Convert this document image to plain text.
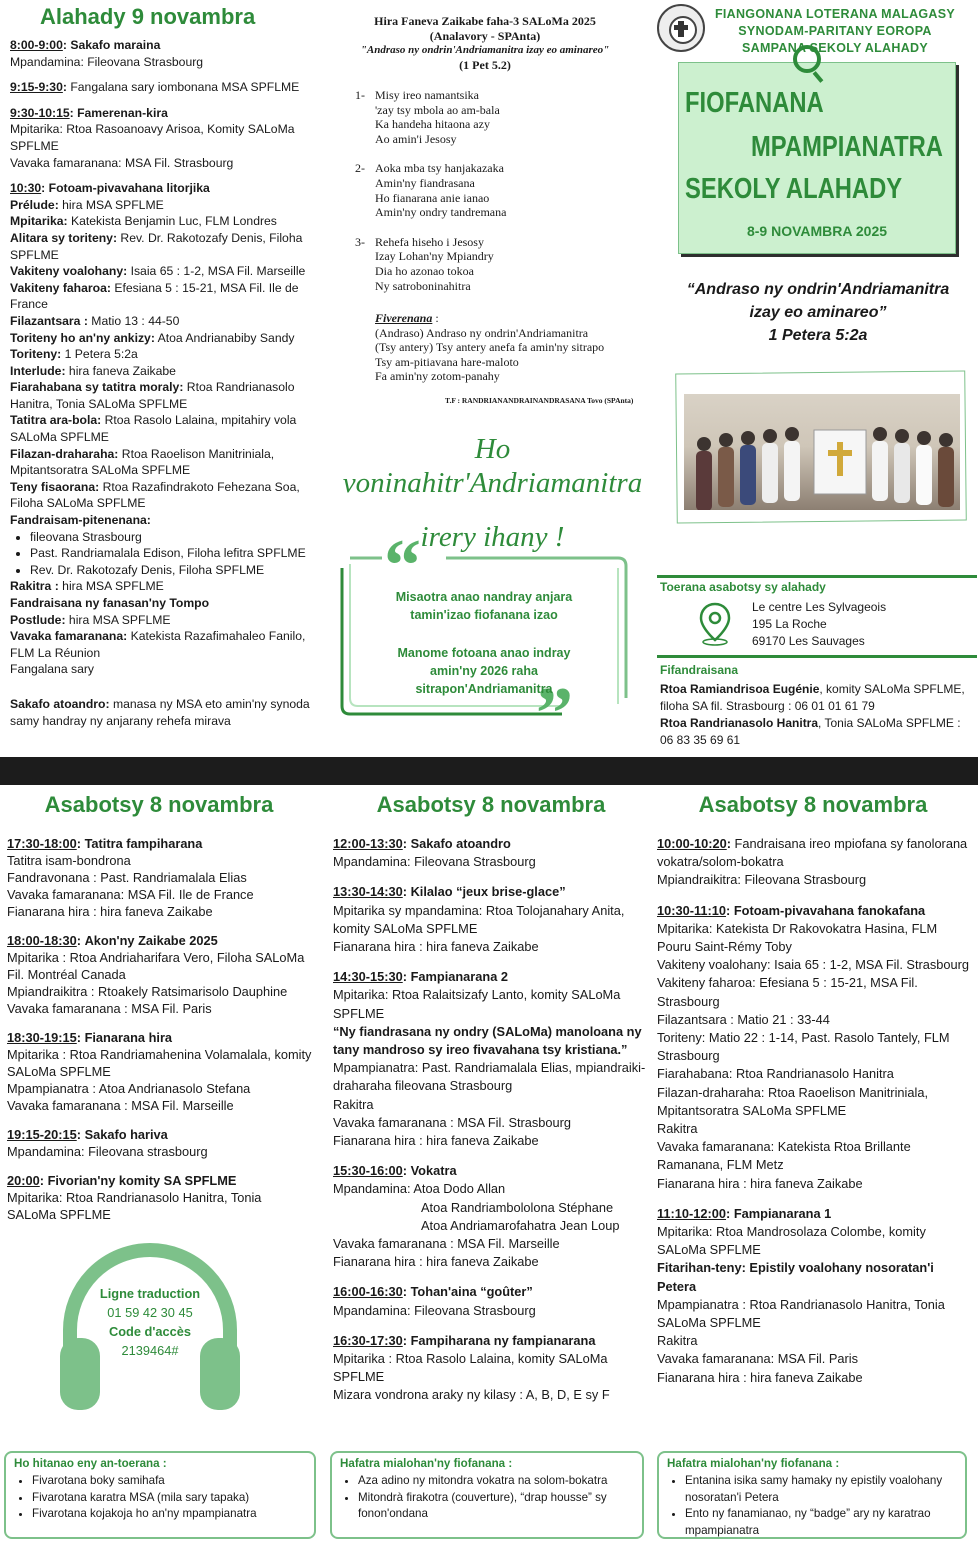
Alahady 9 novambra

8:00-9:00: Sakafo maraina

Mpandamina: Fileovana Strasbourg

9:15-9:30: Fangalana sary iombonana MSA SPFLME

9:30-10:15: Famerenan-kira

Mpitarika: Rtoa Rasoanoavy Arisoa, Komity SALoMa SPFLME

Vavaka famaranana: MSA Fil. Strasbourg

10:30: Fotoam-pivavahana litorjika

Prélude: hira MSA SPFLME

Mpitarika: Katekista Benjamin Luc, FLM Londres

Alitara sy toriteny: Rev. Dr. Rakotozafy Denis, Filoha SPFLME

Vakiteny voalohany: Isaia 65 : 1-2, MSA Fil. Marseille

Vakiteny faharoa: Efesiana 5 : 15-21, MSA Fil. Ile de France

Filazantsara : Matio 13 : 44-50

Toriteny ho an'ny ankizy: Atoa Andrianabiby Sandy

Toriteny: 1 Petera 5:2a

Interlude: hira faneva Zaikabe

Fiarahabana sy tatitra moraly: Rtoa Randrianasolo Hanitra, Tonia SALoMa SPFLME

Tatitra ara-bola: Rtoa Rasolo Lalaina, mpitahiry vola SALoMa SPFLME

Filazan-draharaha: Rtoa Raoelison Manitriniala, Mpitantsoratra SALoMa SPFLME

Teny fisaorana: Rtoa Razafindrakoto Fehezana Soa, Filoha SALoMa SPFLME

Fandraisam-pitenenana:

• fileovana Strasbourg
• Past. Randriamalala Edison, Filoha lefitra SPFLME
• Rev. Dr. Rakotozafy Denis, Filoha SPFLME

Rakitra : hira MSA SPFLME

Fandraisana ny fanasan'ny Tompo

Postlude: hira MSA SPFLME

Vavaka famaranana: Katekista Razafimahaleo Fanilo, FLM La Réunion

Fangalana sary

Sakafo atoandro: manasa ny MSA eto amin'ny synoda samy handray ny anjarany rehefa mirava

Hira Faneva Zaikabe faha-3 SALoMa 2025
(Analavory - SPAnta)
"Andraso ny ondrin'Andriamanitra izay eo aminareo"
(1 Pet 5.2)
1- Misy ireo namantsika

'zay tsy mbola ao am-bala

Ka handeha hitaona azy

Ao amin'i Jesosy

2- Aoka mba tsy hanjakazaka

Amin'ny fiandrasana

Ho fianarana anie ianao

Amin'ny ondry tandremana

3- Rehefa hiseho i Jesosy

Izay Lohan'ny Mpiandry

Dia ho azonao tokoa

Ny satroboninahitra

Fiverenana :

(Andraso) Andraso ny ondrin'Andriamanitra

(Tsy antery) Tsy antery anefa fa amin'ny sitrapo

Tsy am-pitiavana hare-maloto

Fa amin'ny zotom-panahy

T.F : RANDRIANANDRAINANDRASANA Tovo (SPAnta)
Ho voninahitr'Andriamanitra
irery ihany !
“
”
Misaotra anao nandray anjara
tamin'izao fiofanana izao
Manome fotoana anao indray
amin'ny 2026 raha
sitrapon'Andriamanitra
FIANGONANA LOTERANA MALAGASY
SYNODAM-PARITANY EOROPA
SAMPANA SEKOLY ALAHADY
FIOFANANA
MPAMPIANATRA
SEKOLY ALAHADY
8-9 NOVAMBRA 2025
“Andraso ny ondrin'Andriamanitra
izay eo aminareo”
1 Petera 5:2a
Toerana asabotsy sy alahady
Le centre Les Sylvageois
195 La Roche
69170 Les Sauvages
Fifandraisana
Rtoa Ramiandrisoa Eugénie, komity SALoMa SPFLME, filoha SA fil. Strasbourg : 06 01 01 61 79
Rtoa Randrianasolo Hanitra, Tonia SALoMa SPFLME : 06 83 35 69 61
Asabotsy 8 novambra	Asabotsy 8 novambra	Asabotsy 8 novambra

17:30-18:00: Tatitra fampiharana

Tatitra isam-bondrona

Fandravonana : Past. Randriamalala Elias

Vavaka famaranana: MSA Fil. Ile de France

Fianarana hira : hira faneva Zaikabe

18:00-18:30: Akon'ny Zaikabe 2025

Mpitarika : Rtoa Andriaharifara Vero, Filoha SALoMa Fil. Montréal Canada

Mpiandraikitra : Rtoakely Ratsimarisolo Dauphine

Vavaka famaranana : MSA Fil. Paris

18:30-19:15: Fianarana hira

Mpitarika : Rtoa Randriamahenina Volamalala, komity SALoMa SPFLME

Mpampianatra : Atoa Andrianasolo Stefana

Vavaka famaranana : MSA Fil. Marseille

19:15-20:15: Sakafo hariva

Mpandamina: Fileovana strasbourg

20:00: Fivorian'ny komity SA SPFLME

Mpitarika: Rtoa Randrianasolo Hanitra, Tonia SALoMa SPFLME

12:00-13:30: Sakafo atoandro

Mpandamina: Fileovana Strasbourg

13:30-14:30: Kilalao “jeux brise-glace”

Mpitarika sy mpandamina: Rtoa Tolojanahary Anita, komity SALoMa SPFLME

Fianarana hira : hira faneva Zaikabe

14:30-15:30: Fampianarana 2

Mpitarika: Rtoa Ralaitsizafy Lanto, komity SALoMa SPFLME

“Ny fiandrasana ny ondry (SALoMa) manoloana ny tany mandroso sy ireo fivavahana tsy kristiana.”

Mpampianatra: Past. Randriamalala Elias, mpiandraiki-draharaha fileovana Strasbourg

Rakitra

Vavaka famaranana : MSA Fil. Strasbourg

Fianarana hira : hira faneva Zaikabe

15:30-16:00: Vokatra

Mpandamina: Atoa Dodo Allan

Atoa Randriambololona Stéphane

Atoa Andriamarofahatra Jean Loup

Vavaka famaranana : MSA Fil. Marseille

Fianarana hira : hira faneva Zaikabe

16:00-16:30: Tohan'aina “goûter”

Mpandamina: Fileovana Strasbourg

16:30-17:30: Fampiharana ny fampianarana

Mpitarika : Rtoa Rasolo Lalaina, komity SALoMa SPFLME

Mizara vondrona araky ny kilasy : A, B, D, E sy F

10:00-10:20: Fandraisana ireo mpiofana sy fanolorana vokatra/solom-bokatra

Mpiandraikitra: Fileovana Strasbourg

10:30-11:10: Fotoam-pivavahana fanokafana

Mpitarika: Katekista Dr Rakovokatra Hasina, FLM Pouru Saint-Rémy Toby

Vakiteny voalohany: Isaia 65 : 1-2, MSA Fil. Strasbourg

Vakiteny faharoa: Efesiana 5 : 15-21, MSA Fil. Strasbourg

Filazantsara : Matio 21 : 33-44

Toriteny: Matio 22 : 1-14, Past. Rasolo Tantely, FLM Strasbourg

Fiarahabana: Rtoa Randrianasolo Hanitra

Filazan-draharaha: Rtoa Raoelison Manitriniala, Mpitantsoratra SALoMa SPFLME

Rakitra

Vavaka famaranana: Katekista Rtoa Brillante Ramanana, FLM Metz

Fianarana hira : hira faneva Zaikabe

11:10-12:00: Fampianarana 1

Mpitarika: Rtoa Mandrosolaza Colombe, komity SALoMa SPFLME

Fitarihan-teny: Epistily voalohany nosoratan'i Petera

Mpampianatra : Rtoa Randrianasolo Hanitra, Tonia SALoMa SPFLME

Rakitra

Vavaka famaranana: MSA Fil. Paris

Fianarana hira : hira faneva Zaikabe

Ligne traduction
01 59 42 30 45
Code d'accès
2139464#
Ho hitanao eny an-toerana :
• Fivarotana boky samihafa
• Fivarotana karatra MSA (mila sary tapaka)
• Fivarotana kojakoja ho an'ny mpampianatra
Hafatra mialohan'ny fiofanana :
• Aza adino ny mitondra vokatra na solom-bokatra
• Mitondrà firakotra (couverture), “drap housse” sy fonon'ondana
Hafatra mialohan'ny fiofanana :
• Entanina isika samy hamaky ny epistily voalohany nosoratan'i Petera
• Ento ny fanamianao, ny “badge” ary ny karatrao mpampianatra
